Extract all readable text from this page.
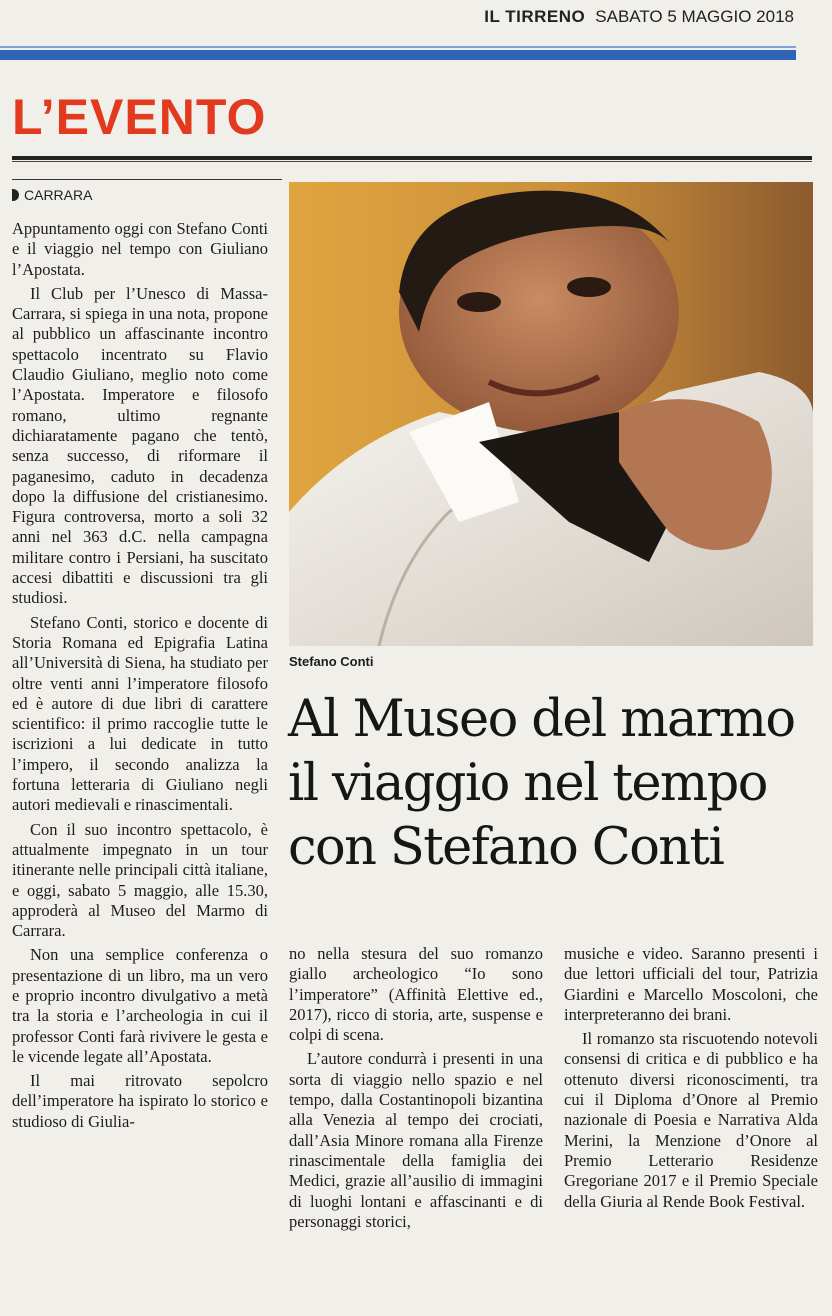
IL TIRRENO SABATO 5 MAGGIO 2018
L’EVENTO
CARRARA

Appuntamento oggi con Stefano Conti e il viaggio nel tempo con Giuliano l’Apostata.

Il Club per l’Unesco di Massa-Carrara, si spiega in una nota, propone al pubblico un affascinante incontro spettacolo incentrato su Flavio Claudio Giuliano, meglio noto come l’Apostata. Imperatore e filosofo romano, ultimo regnante dichiaratamente pagano che tentò, senza successo, di riformare il paganesimo, caduto in decadenza dopo la diffusione del cristianesimo. Figura controversa, morto a soli 32 anni nel 363 d.C. nella campagna militare contro i Persiani, ha suscitato accesi dibattiti e discussioni tra gli studiosi.

Stefano Conti, storico e docente di Storia Romana ed Epigrafia Latina all’Università di Siena, ha studiato per oltre venti anni l’imperatore filosofo ed è autore di due libri di carattere scientifico: il primo raccoglie tutte le iscrizioni a lui dedicate in tutto l’impero, il secondo analizza la fortuna letteraria di Giuliano negli autori medievali e rinascimentali.

Con il suo incontro spettacolo, è attualmente impegnato in un tour itinerante nelle principali città italiane, e oggi, sabato 5 maggio, alle 15.30, approderà al Museo del Marmo di Carrara.

Non una semplice conferenza o presentazione di un libro, ma un vero e proprio incontro divulgativo a metà tra la storia e l’archeologia in cui il professor Conti farà rivivere le gesta e le vicende legate all’Apostata.

Il mai ritrovato sepolcro dell’imperatore ha ispirato lo storico e studioso di Giulia-

Stefano Conti

Al Museo del marmo
il viaggio nel tempo
con Stefano Conti

no nella stesura del suo romanzo giallo archeologico “Io sono l’imperatore” (Affinità Elettive ed., 2017), ricco di storia, arte, suspense e colpi di scena.

L’autore condurrà i presenti in una sorta di viaggio nello spazio e nel tempo, dalla Costantinopoli bizantina alla Venezia al tempo dei crociati, dall’Asia Minore romana alla Firenze rinascimentale della famiglia dei Medici, grazie all’ausilio di immagini di luoghi lontani e affascinanti e di personaggi storici,

musiche e video. Saranno presenti i due lettori ufficiali del tour, Patrizia Giardini e Marcello Moscoloni, che interpreteranno dei brani.

Il romanzo sta riscuotendo notevoli consensi di critica e di pubblico e ha ottenuto diversi riconoscimenti, tra cui il Diploma d’Onore al Premio nazionale di Poesia e Narrativa Alda Merini, la Menzione d’Onore al Premio Letterario Residenze Gregoriane 2017 e il Premio Speciale della Giuria al Rende Book Festival.
